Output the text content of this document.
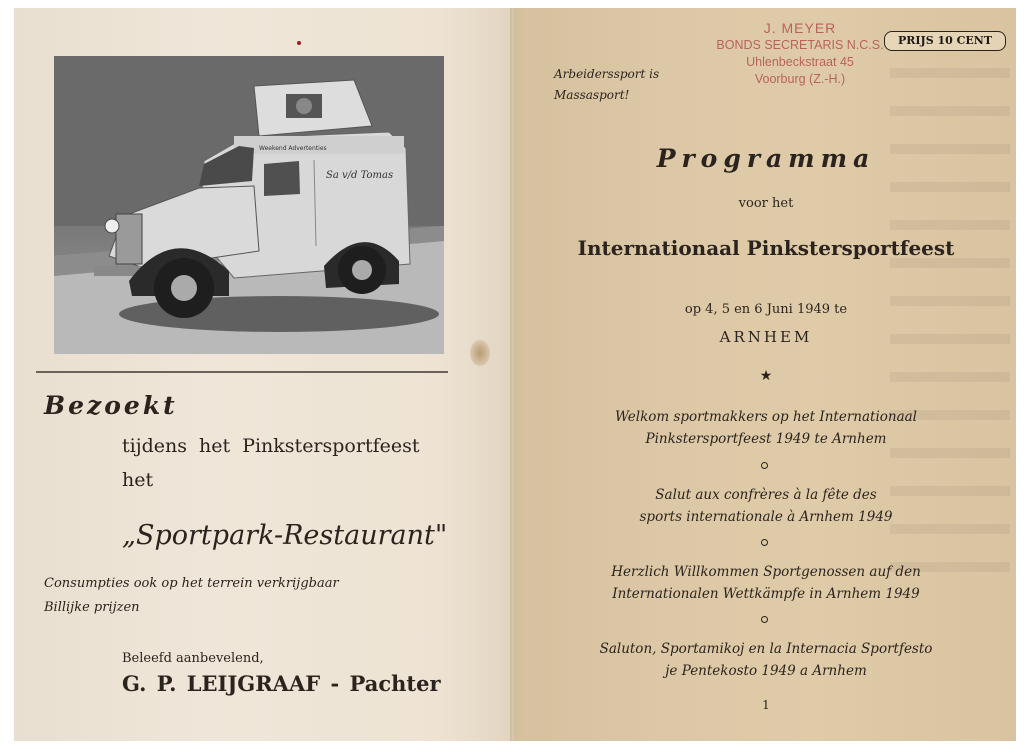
Weekend Advertenties
Sa v/d Tomas
Bezoekt
tijdens het Pinkstersportfeest
het
„Sportpark-Restaurant"
Consumpties ook op het terrein verkrijgbaar
Billijke prijzen
Beleefd aanbevelend,
G. P. LEIJGRAAF - Pachter
Arbeiderssport is
Massasport!
J. MEYER
BONDS SECRETARIS N.C.S.
Uhlenbeckstraat 45
Voorburg (Z.-H.)
PRIJS 10 CENT
Programma
voor het
Internationaal Pinkstersportfeest
op 4, 5 en 6 Juni 1949 te
ARNHEM
★
Welkom sportmakkers op het Internationaal
Pinkstersportfeest 1949 te Arnhem
Salut aux confrères à la fête des
sports internationale à Arnhem 1949
Herzlich Willkommen Sportgenossen auf den
Internationalen Wettkämpfe in Arnhem 1949
Saluton, Sportamikoj en la Internacia Sportfesto
je Pentekosto 1949 a Arnhem
1
